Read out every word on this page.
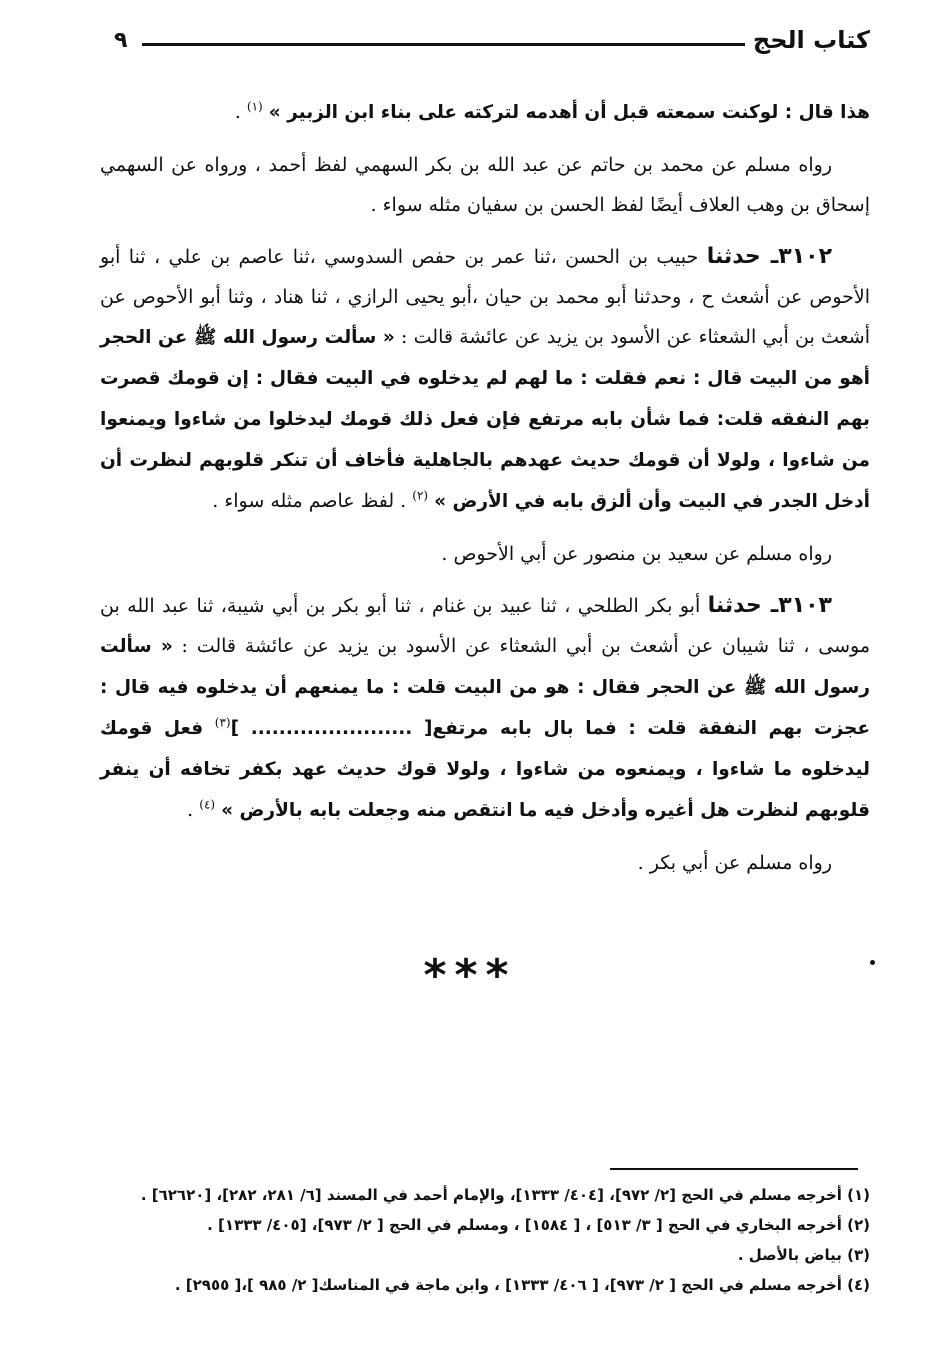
كتاب الحج
٩

هذا قال : لوكنت سمعته قبل أن أهدمه لتركته على بناء ابن الزبير » $^{(١)}$ .

رواه مسلم عن محمد بن حاتم عن عبد الله بن بكر السهمي لفظ أحمد ، ورواه عن السهمي إسحاق بن وهب العلاف أيضًا لفظ الحسن بن سفيان مثله سواء .

٣١٠٢ـ حدثنا حبيب بن الحسن ،ثنا عمر بن حفص السدوسي ،ثنا عاصم بن علي ، ثنا أبو الأحوص عن أشعث ح ، وحدثنا أبو محمد بن حيان ،أبو يحيى الرازي ، ثنا هناد ، وثنا أبو الأحوص عن أشعث بن أبي الشعثاء عن الأسود بن يزيد عن عائشة قالت : « سألت رسول الله ﷺ عن الحجر أهو من البيت قال : نعم فقلت : ما لهم لم يدخلوه في البيت فقال : إن قومك قصرت بهم النفقه قلت: فما شأن بابه مرتفع فإن فعل ذلك قومك ليدخلوا من شاءوا ويمنعوا من شاءوا ، ولولا أن قومك حديث عهدهم بالجاهلية فأخاف أن تنكر قلوبهم لنظرت أن أدخل الجدر في البيت وأن ألزق بابه في الأرض » $^{(٢)}$ . لفظ عاصم مثله سواء .

رواه مسلم عن سعيد بن منصور عن أبي الأحوص .

٣١٠٣ـ حدثنا أبو بكر الطلحي ، ثنا عبيد بن غنام ، ثنا أبو بكر بن أبي شيبة، ثنا عبد الله بن موسى ، ثنا شيبان عن أشعث بن أبي الشعثاء عن الأسود بن يزيد عن عائشة قالت : « سألت رسول الله ﷺ عن الحجر فقال : هو من البيت قلت : ما يمنعهم أن يدخلوه فيه قال : عجزت بهم النفقة قلت : فما بال بابه مرتفع[ ....................... ]$^{(٣)}$ فعل قومك ليدخلوه ما شاءوا ، ويمنعوه من شاءوا ، ولولا قوك حديث عهد بكفر تخافه أن ينفر قلوبهم لنظرت هل أغيره وأدخل فيه ما انتقص منه وجعلت بابه بالأرض » $^{(٤)}$ .

رواه مسلم عن أبي بكر .

***
(١) أخرجه مسلم في الحج [٢/ ٩٧٢]، [٤٠٤/ ١٣٣٣]، والإمام أحمد في المسند [٦/ ٢٨١، ٢٨٢]، [٦٢٦٢٠] .
(٢) أخرجه البخاري في الحج [ ٣/ ٥١٣] ، [ ١٥٨٤] ، ومسلم في الحج [ ٢/ ٩٧٣]، [٤٠٥/ ١٣٣٣] .
(٣) بياض بالأصل .
(٤) أخرجه مسلم في الحج [ ٢/ ٩٧٣]، [ ٤٠٦/ ١٣٣٣] ، وابن ماجة في المناسك[ ٢/ ٩٨٥ ]،[ ٢٩٥٥] .
